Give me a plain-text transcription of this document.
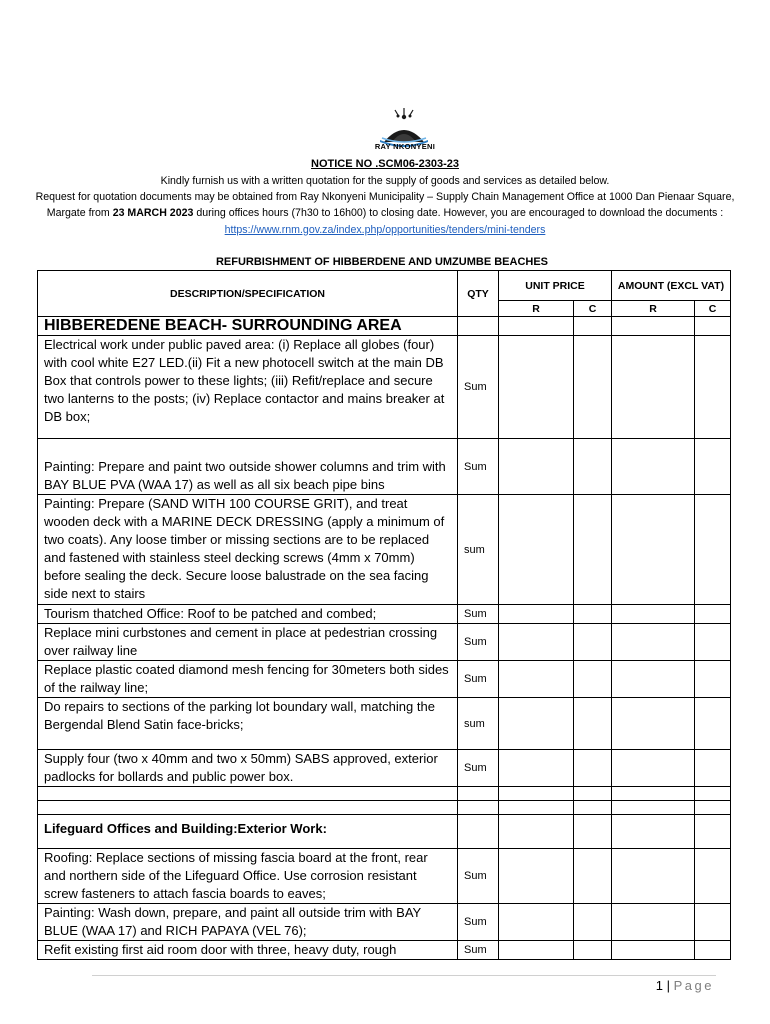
RAY NKONYENI
NOTICE NO .SCM06-2303-23
Kindly furnish us with a written quotation for the supply of goods and services as detailed below.
Request for quotation documents may be obtained from Ray Nkonyeni Municipality – Supply Chain Management Office at 1000 Dan Pienaar Square, Margate from 23 MARCH 2023 during offices hours (7h30 to 16h00) to closing date. However, you are encouraged to download the documents : https://www.rnm.gov.za/index.php/opportunities/tenders/mini-tenders
REFURBISHMENT OF HIBBERDENE AND UMZUMBE BEACHES
DESCRIPTION/SPECIFICATION	QTY	UNIT PRICE		AMOUNT (EXCL VAT)	
		R	C	R	C
HIBBEREDENE BEACH- SURROUNDING AREA					
Electrical work under public paved area: (i) Replace all globes (four) with cool white E27 LED.(ii) Fit a new photocell switch at the main DB Box that controls power to these lights; (iii) Refit/replace and secure two lanterns to the posts; (iv) Replace contactor and mains breaker at DB box;	Sum				
Painting: Prepare and paint two outside shower columns and trim with BAY BLUE PVA (WAA 17) as well as all six beach pipe bins	Sum				
Painting: Prepare (SAND WITH 100 COURSE GRIT), and treat wooden deck with a MARINE DECK DRESSING (apply a minimum of two coats). Any loose timber or missing sections are to be replaced and fastened with stainless steel decking screws (4mm x 70mm) before sealing the deck. Secure loose balustrade on the sea facing side next to stairs	sum				
Tourism thatched Office: Roof to be patched and combed;	Sum				
Replace mini curbstones and cement in place at pedestrian crossing over railway line	Sum				
Replace plastic coated diamond mesh fencing for 30meters both sides of the railway line;	Sum				
Do repairs to sections of the parking lot boundary wall, matching the Bergendal Blend Satin face-bricks;	sum				
Supply four (two x 40mm and two x 50mm) SABS approved, exterior padlocks for bollards and public power box.	Sum				

Lifeguard Offices and Building:Exterior Work:					
Roofing: Replace sections of missing fascia board at the front, rear and northern side of the Lifeguard Office. Use corrosion resistant screw fasteners to attach fascia boards to eaves;	Sum				
Painting: Wash down, prepare, and paint all outside trim with BAY BLUE (WAA 17) and RICH PAPAYA (VEL 76);	Sum				
Refit existing first aid room door with three, heavy duty, rough	Sum				
1 | Page
